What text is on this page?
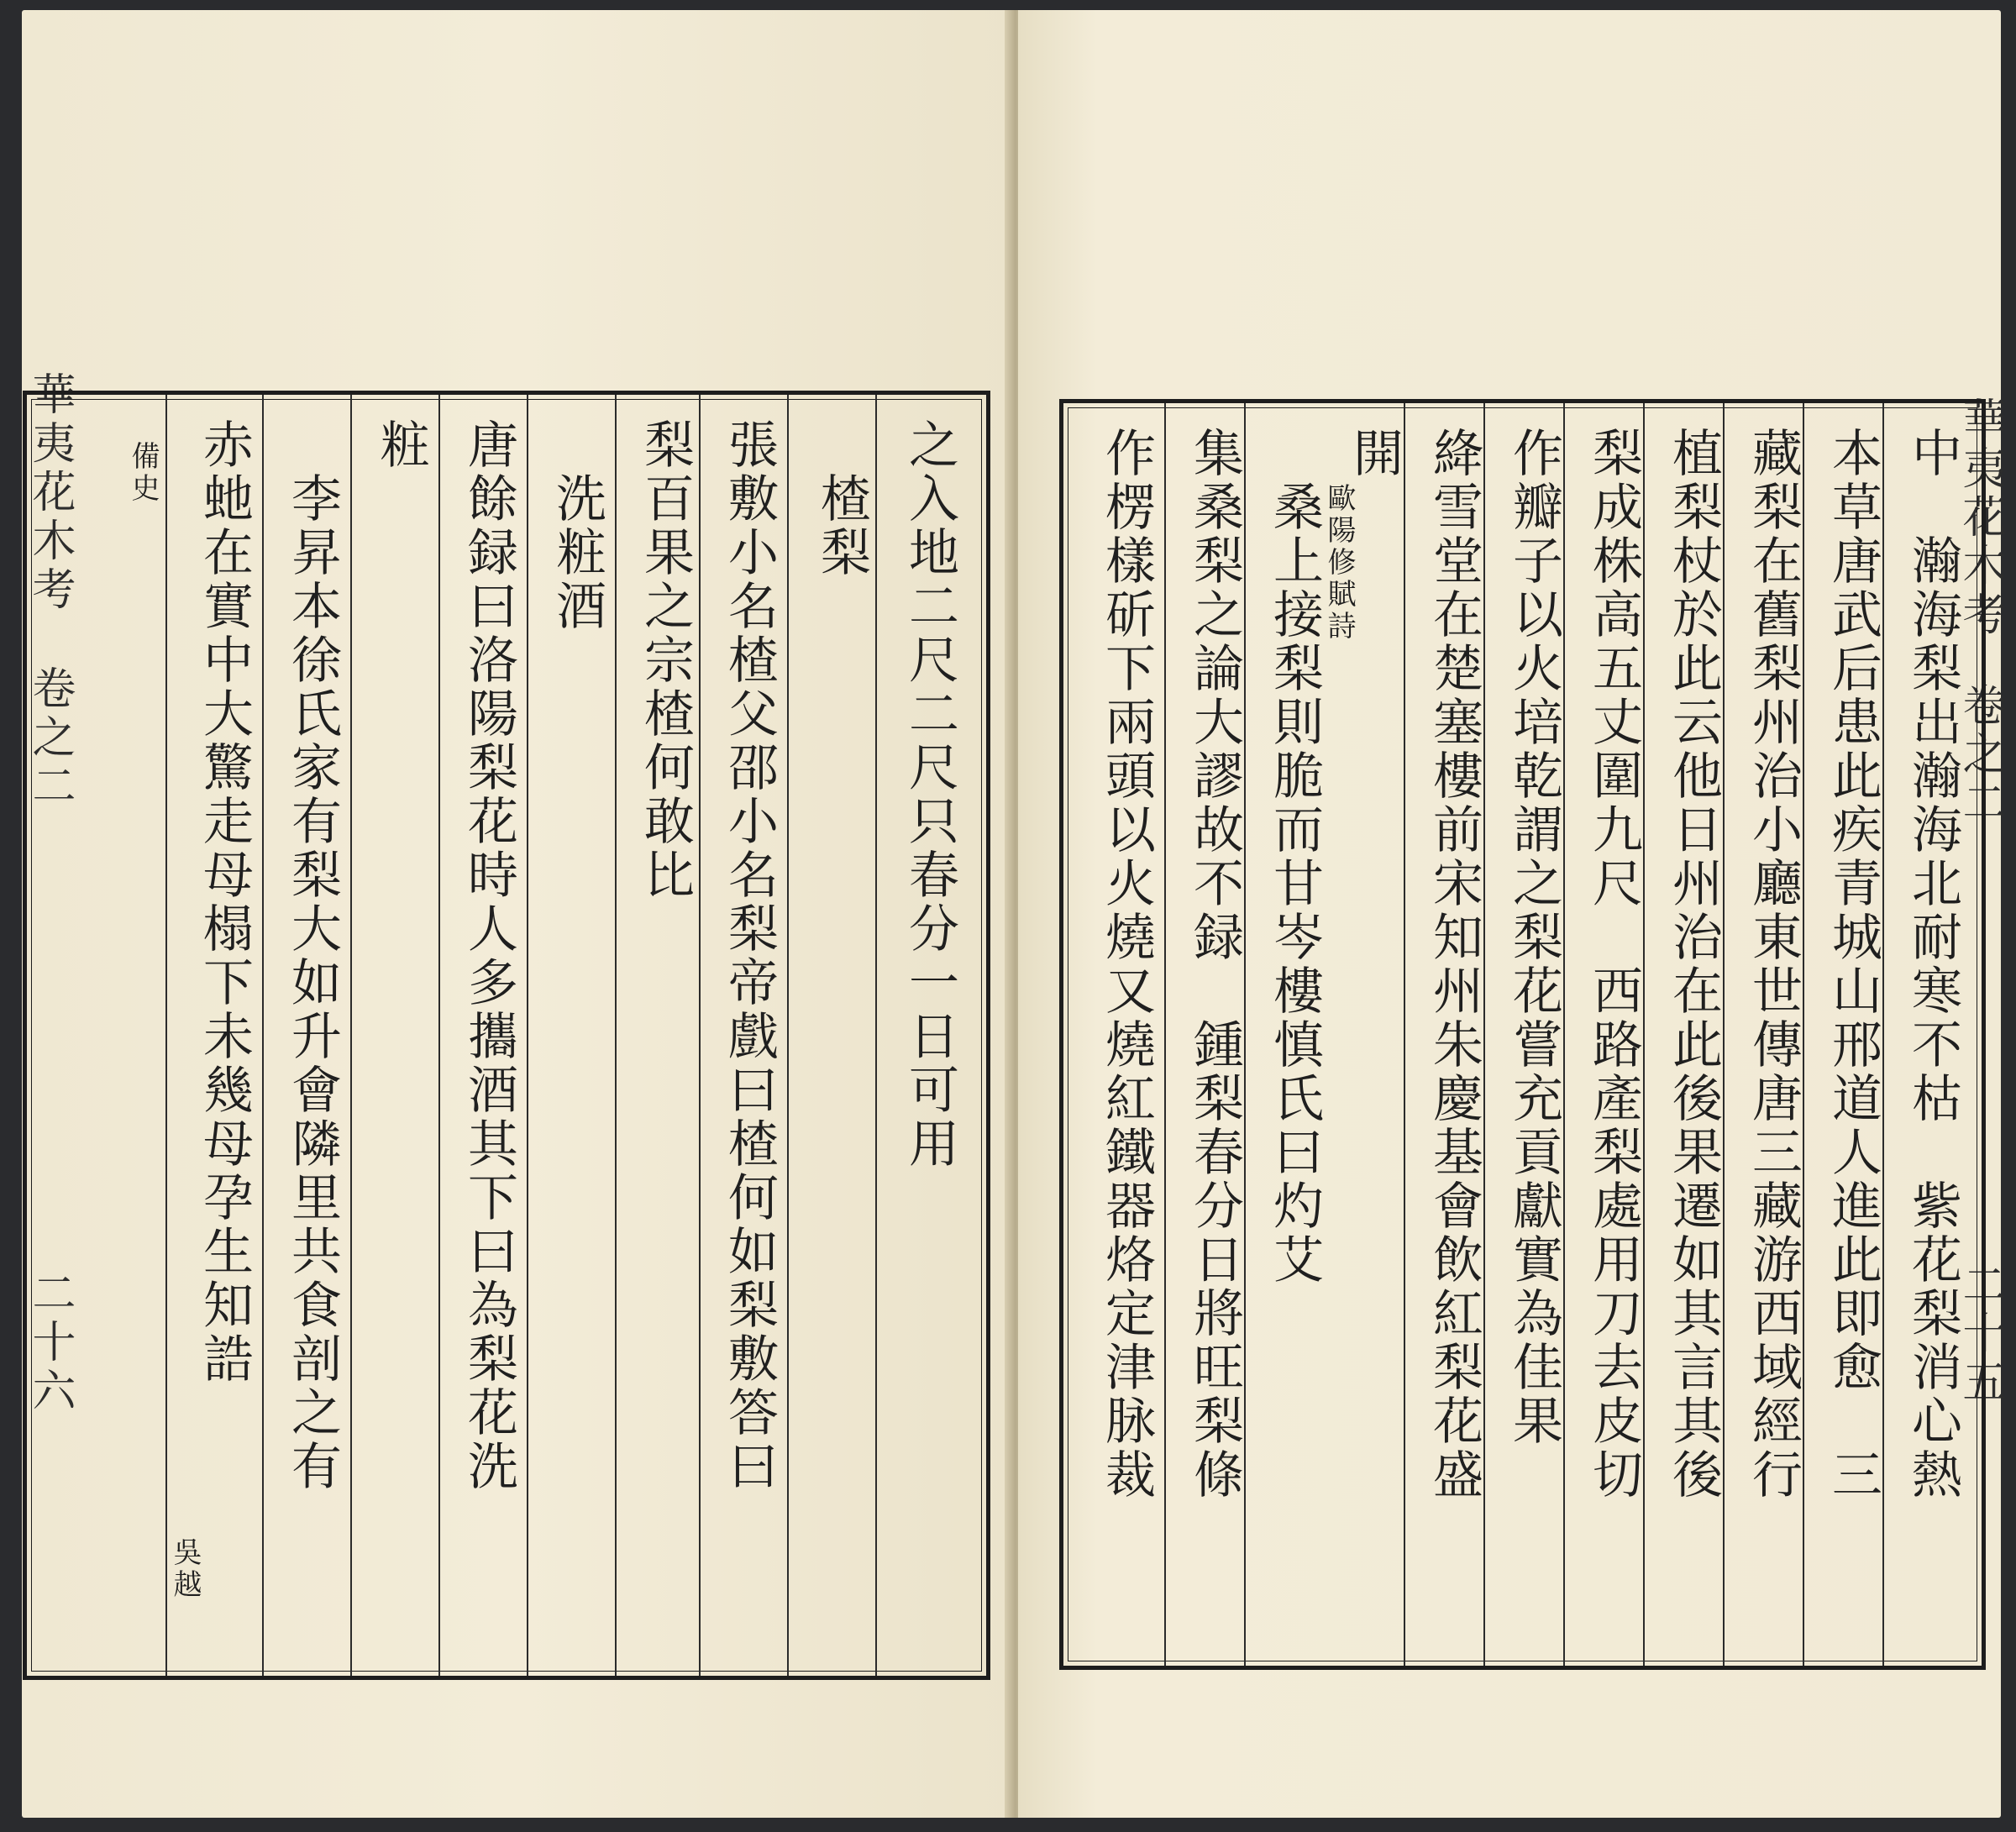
華夷花木考
卷之二
二十六
之入地二尺二尺只春分一日可用
　楂梨
張敷小名楂父邵小名梨帝戲曰楂何如梨敷答曰
梨百果之宗楂何敢比
　洗粧酒
唐餘録曰洛陽梨花時人多攜酒其下曰為梨花洗
粧
　李昇本徐氏家有梨大如升會隣里共食剖之有
赤虵在實中大驚走母榻下未幾母孕生知誥
吳越
備史	華夷花木考
卷之二
二十五
中　瀚海梨出瀚海北耐寒不枯　紫花梨消心熱
本草唐武后患此疾青城山邢道人進此即愈　三
藏梨在舊梨州治小廳東世傳唐三藏游西域經行
植梨杖於此云他日州治在此後果遷如其言其後
梨成株高五丈圍九尺　西路產梨處用刀去皮切
作瓣子以火培乾謂之梨花嘗充貢獻實為佳果
絳雪堂在楚塞樓前宋知州朱慶基會飲紅梨花盛
開
歐陽修賦詩
　桑上接梨則脆而甘岑樓慎氏曰灼艾
集桑梨之論大謬故不録　鍾梨春分日將旺梨條
作楞樣斫下兩頭以火燒又燒紅鐵器烙定津脉裁
